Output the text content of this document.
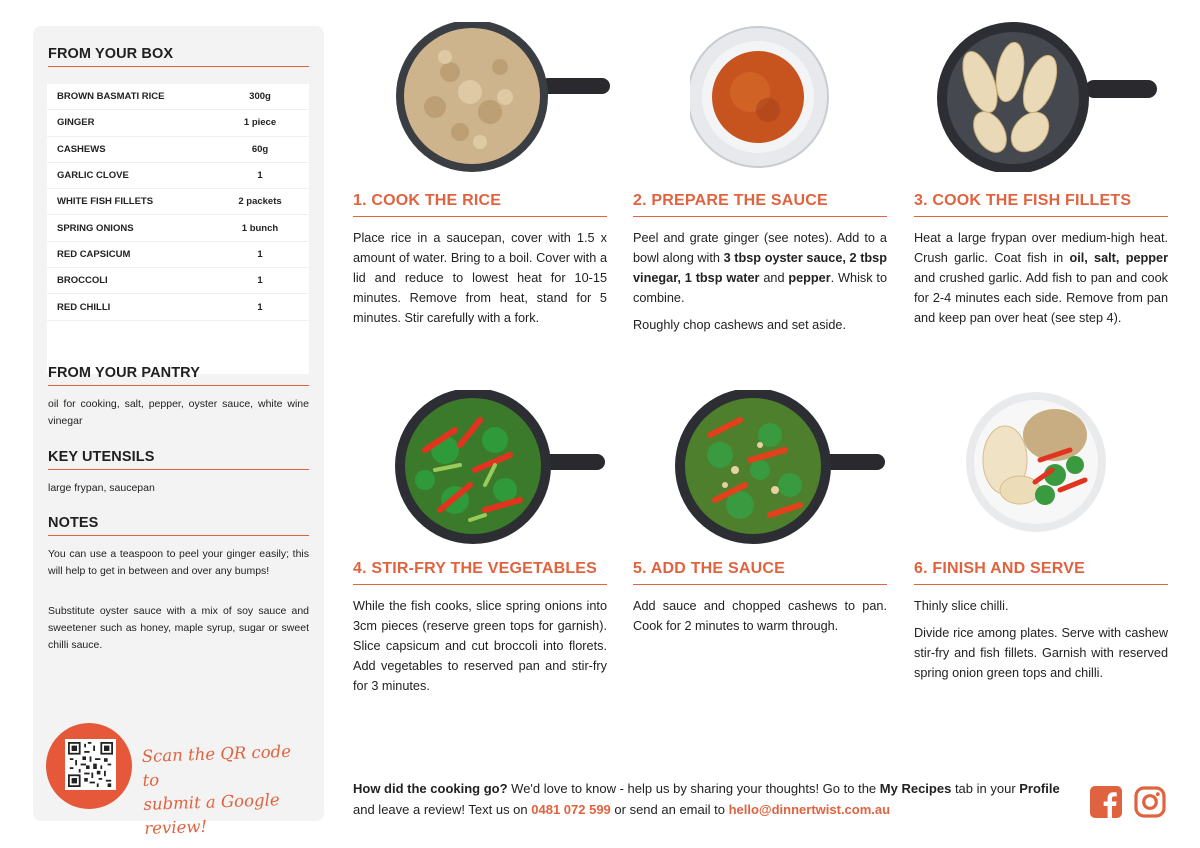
FROM YOUR BOX
BROWN BASMATI RICE	300g
GINGER	1 piece
CASHEWS	60g
GARLIC CLOVE	1
WHITE FISH FILLETS	2 packets
SPRING ONIONS	1 bunch
RED CAPSICUM	1
BROCCOLI	1
RED CHILLI	1
FROM YOUR PANTRY
oil for cooking, salt, pepper, oyster sauce, white wine vinegar
KEY UTENSILS
large frypan, saucepan
NOTES
You can use a teaspoon to peel your ginger easily; this will help to get in between and over any bumps!
Substitute oyster sauce with a mix of soy sauce and sweetener such as honey, maple syrup, sugar or sweet chilli sauce.
Scan the QR code to
submit a Google review!
1. COOK THE RICE

Place rice in a saucepan, cover with 1.5 x amount of water. Bring to a boil. Cover with a lid and reduce to lowest heat for 10-15 minutes. Remove from heat, stand for 5 minutes. Stir carefully with a fork.

2. PREPARE THE SAUCE

Peel and grate ginger (see notes). Add to a bowl along with 3 tbsp oyster sauce, 2 tbsp vinegar, 1 tbsp water and pepper. Whisk to combine.

Roughly chop cashews and set aside.

3. COOK THE FISH FILLETS

Heat a large frypan over medium-high heat. Crush garlic. Coat fish in oil, salt, pepper and crushed garlic. Add fish to pan and cook for 2-4 minutes each side. Remove from pan and keep pan over heat (see step 4).

4. STIR-FRY THE VEGETABLES

While the fish cooks, slice spring onions into 3cm pieces (reserve green tops for garnish). Slice capsicum and cut broccoli into florets. Add vegetables to reserved pan and stir-fry for 3 minutes.

5. ADD THE SAUCE

Add sauce and chopped cashews to pan. Cook for 2 minutes to warm through.

6. FINISH AND SERVE

Thinly slice chilli.

Divide rice among plates. Serve with cashew stir-fry and fish fillets. Garnish with reserved spring onion green tops and chilli.

How did the cooking go? We'd love to know - help us by sharing your thoughts! Go to the My Recipes tab in your Profile and leave a review! Text us on 0481 072 599 or send an email to hello@dinnertwist.com.au
